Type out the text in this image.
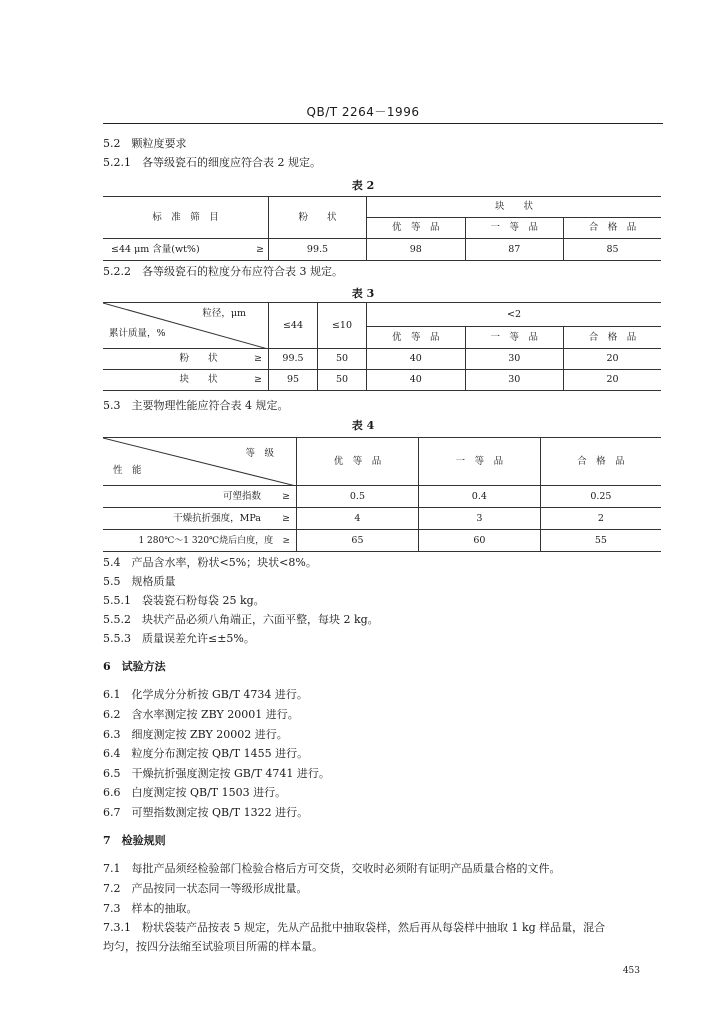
QB/T 2264－1996
5.2　颗粒度要求
5.2.1　各等级瓷石的细度应符合表 2 规定。
表 2
标　准　筛　目	粉　　状	块　　状		
		优　等　品	一　等　品	合　格　品
≤44 μm 含量(wt%) ≥	99.5	98	87	85
5.2.2　各等级瓷石的粒度分布应符合表 3 规定。
表 3
粒径，μm
累计质量，%	≤44	≤10	<2		
			优　等　品	一　等　品	合　格　品
粉　　状 ≥	99.5	50	40	30	20
块　　状 ≥	95	50	40	30	20
5.3　主要物理性能应符合表 4 规定。
表 4
等　级
性　能	优　等　品	一　等　品	合　格　品
可塑指数 ≥	0.5	0.4	0.25
干燥抗折强度，MPa ≥	4	3	2
1 280℃～1 320℃烧后白度，度 ≥	65	60	55
5.4　产品含水率，粉状<5%；块状<8%。
5.5　规格质量
5.5.1　袋装瓷石粉每袋 25 kg。
5.5.2　块状产品必须八角端正，六面平整，每块 2 kg。
5.5.3　质量误差允许≤±5%。
6　试验方法
6.1　化学成分分析按 GB/T 4734 进行。
6.2　含水率测定按 ZBY 20001 进行。
6.3　细度测定按 ZBY 20002 进行。
6.4　粒度分布测定按 QB/T 1455 进行。
6.5　干燥抗折强度测定按 GB/T 4741 进行。
6.6　白度测定按 QB/T 1503 进行。
6.7　可塑指数测定按 QB/T 1322 进行。
7　检验规则
7.1　每批产品须经检验部门检验合格后方可交货，交收时必须附有证明产品质量合格的文件。
7.2　产品按同一状态同一等级形成批量。
7.3　样本的抽取。
7.3.1　粉状袋装产品按表 5 规定，先从产品批中抽取袋样，然后再从每袋样中抽取 1 kg 样品量，混合
均匀，按四分法缩至试验项目所需的样本量。
453
